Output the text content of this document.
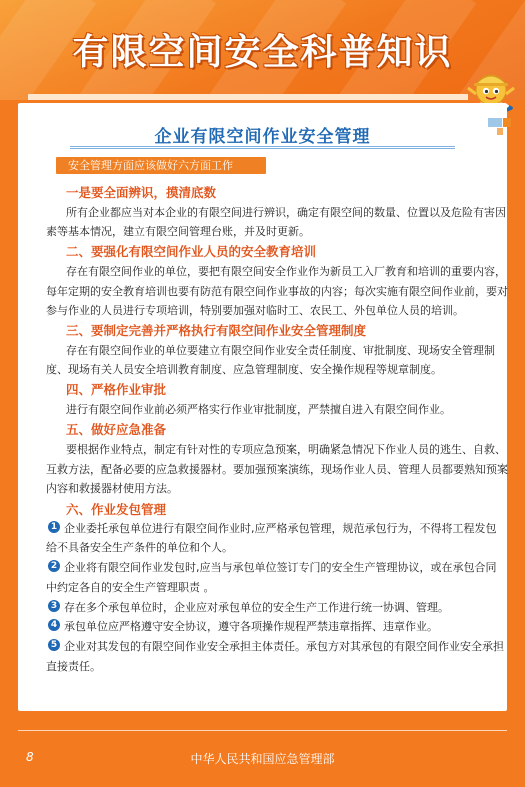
有限空间安全科普知识
企业有限空间作业安全管理
安全管理方面应该做好六方面工作
一是要全面辨识，摸清底数
所有企业都应当对本企业的有限空间进行辨识，确定有限空间的数量、位置以及危险有害因
素等基本情况，建立有限空间管理台账，并及时更新。
二、要强化有限空间作业人员的安全教育培训
存在有限空间作业的单位，要把有限空间安全作业作为新员工入厂教育和培训的重要内容，
每年定期的安全教育培训也要有防范有限空间作业事故的内容；每次实施有限空间作业前，要对
参与作业的人员进行专项培训，特别要加强对临时工、农民工、外包单位人员的培训。
三、要制定完善并严格执行有限空间作业安全管理制度
存在有限空间作业的单位要建立有限空间作业安全责任制度、审批制度、现场安全管理制
度、现场有关人员安全培训教育制度、应急管理制度、安全操作规程等规章制度。
四、严格作业审批
进行有限空间作业前必须严格实行作业审批制度，严禁擅自进入有限空间作业。
五、做好应急准备
要根据作业特点，制定有针对性的专项应急预案，明确紧急情况下作业人员的逃生、自救、
互救方法，配备必要的应急救援器材。要加强预案演练，现场作业人员、管理人员都要熟知预案
内容和救援器材使用方法。
六、作业发包管理
1 企业委托承包单位进行有限空间作业时,应严格承包管理，规范承包行为，不得将工程发包
给不具备安全生产条件的单位和个人。
2 企业将有限空间作业发包时,应当与承包单位签订专门的安全生产管理协议，或在承包合同
中约定各自的安全生产管理职责 。
3 存在多个承包单位时，企业应对承包单位的安全生产工作进行统一协调、管理。
4 承包单位应严格遵守安全协议，遵守各项操作规程严禁违章指挥、违章作业。
5 企业对其发包的有限空间作业安全承担主体责任。承包方对其承包的有限空间作业安全承担
直接责任。
8	中华人民共和国应急管理部
